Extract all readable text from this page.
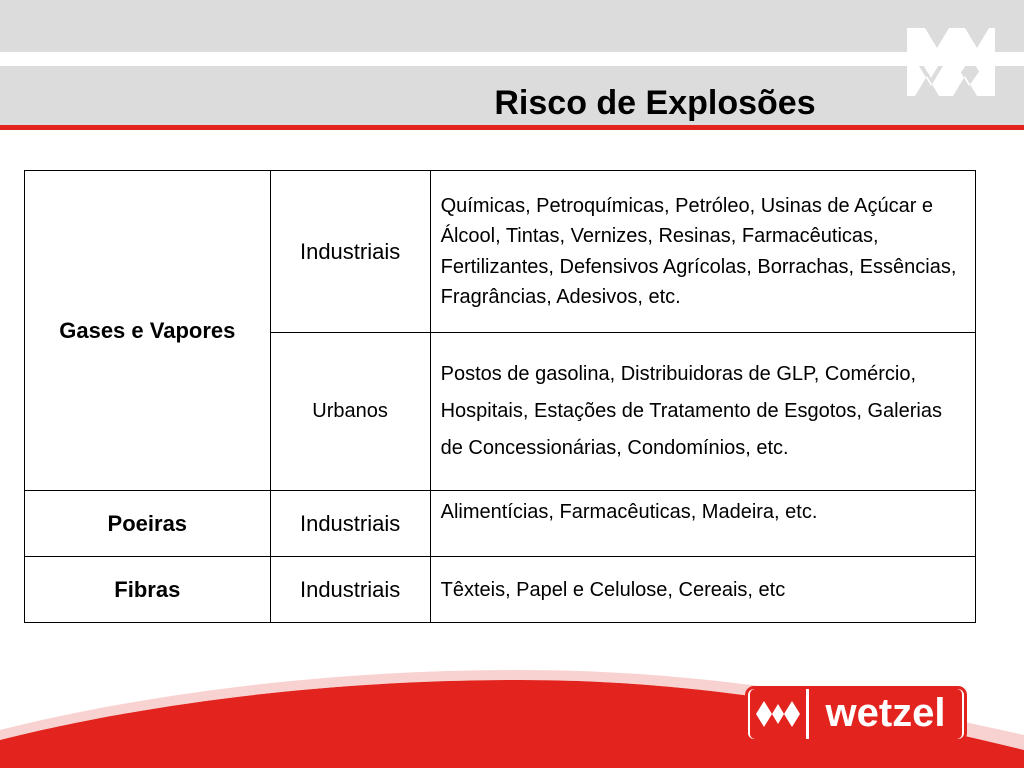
Risco de Explosões
Gases e Vapores	Industriais	Químicas, Petroquímicas, Petróleo, Usinas de Açúcar e Álcool, Tintas, Vernizes, Resinas, Farmacêuticas, Fertilizantes, Defensivos Agrícolas, Borrachas, Essências, Fragrâncias, Adesivos, etc.
	Urbanos	Postos de gasolina, Distribuidoras de GLP, Comércio, Hospitais, Estações de Tratamento de Esgotos, Galerias de Concessionárias, Condomínios, etc.
Poeiras	Industriais	Alimentícias, Farmacêuticas, Madeira, etc.
Fibras	Industriais	Têxteis, Papel e Celulose, Cereais, etc
wetzel
